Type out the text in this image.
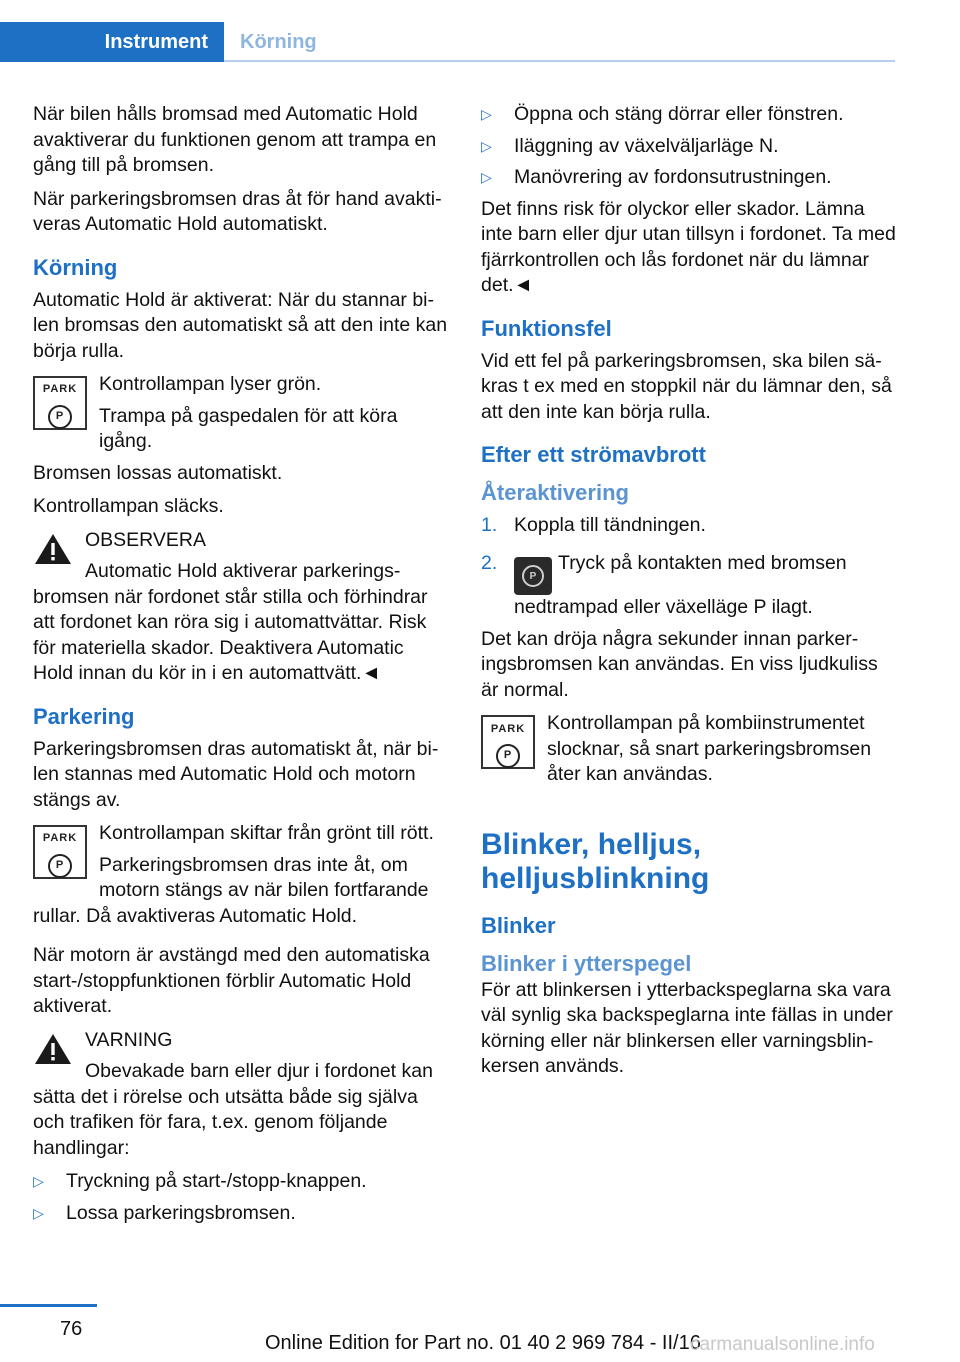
Instrument	Körning

När bilen hålls bromsad med Automatic Hold avaktiverar du funktionen genom att trampa en gång till på bromsen.

När parkeringsbromsen dras åt för hand avaktiveras Automatic Hold automatiskt.

Körning

Automatic Hold är aktiverat: När du stannar bilen bromsas den automatiskt så att den inte kan börja rulla.

PARK
P

Kontrollampan lyser grön.

Trampa på gaspedalen för att köra igång.

Bromsen lossas automatiskt.

Kontrollampan släcks.

OBSERVERA
Automatic Hold aktiverar parkeringsbromsen när fordonet står stilla och förhindrar att fordonet kan röra sig i automattvättar. Risk för materiella skador. Deaktivera Automatic Hold innan du kör in i en automattvätt.◄
Parkering

Parkeringsbromsen dras automatiskt åt, när bilen stannas med Automatic Hold och motorn stängs av.

PARK
P

Kontrollampan skiftar från grönt till rött.

Parkeringsbromsen dras inte åt, om motorn stängs av när bilen fortfarande rullar. Då avaktiveras Automatic Hold.

När motorn är avstängd med den automatiska start-/stoppfunktionen förblir Automatic Hold aktiverat.

VARNING
Obevakade barn eller djur i fordonet kan sätta det i rörelse och utsätta både sig själva och trafiken för fara, t.ex. genom följande handlingar:
▷	Tryckning på start-/stopp-knappen.
▷	Lossa parkeringsbromsen.
▷	Öppna och stäng dörrar eller fönstren.
▷	Iläggning av växelväljarläge N.
▷	Manövrering av fordonsutrustningen.

Det finns risk för olyckor eller skador. Lämna inte barn eller djur utan tillsyn i fordonet. Ta med fjärrkontrollen och lås fordonet när du lämnar det.◄

Funktionsfel

Vid ett fel på parkeringsbromsen, ska bilen säkras t ex med en stoppkil när du lämnar den, så att den inte kan börja rulla.

Efter ett strömavbrott
Återaktivering
1. Koppla till tändningen.
2.
P
Tryck på kontakten med bromsen nedtrampad eller växelläge P ilagt.

Det kan dröja några sekunder innan parkeringsbromsen kan användas. En viss ljudkuliss är normal.

PARK
P

Kontrollampan på kombiinstrumentet slocknar, så snart parkeringsbromsen åter kan användas.

Blinker, helljus, helljusblinkning
Blinker
Blinker i ytterspegel

För att blinkersen i ytterbackspeglarna ska vara väl synlig ska backspeglarna inte fällas in under körning eller när blinkersen eller varningsblinkersen används.

76
Online Edition for Part no. 01 40 2 969 784 - II/16
carmanualsonline.info
